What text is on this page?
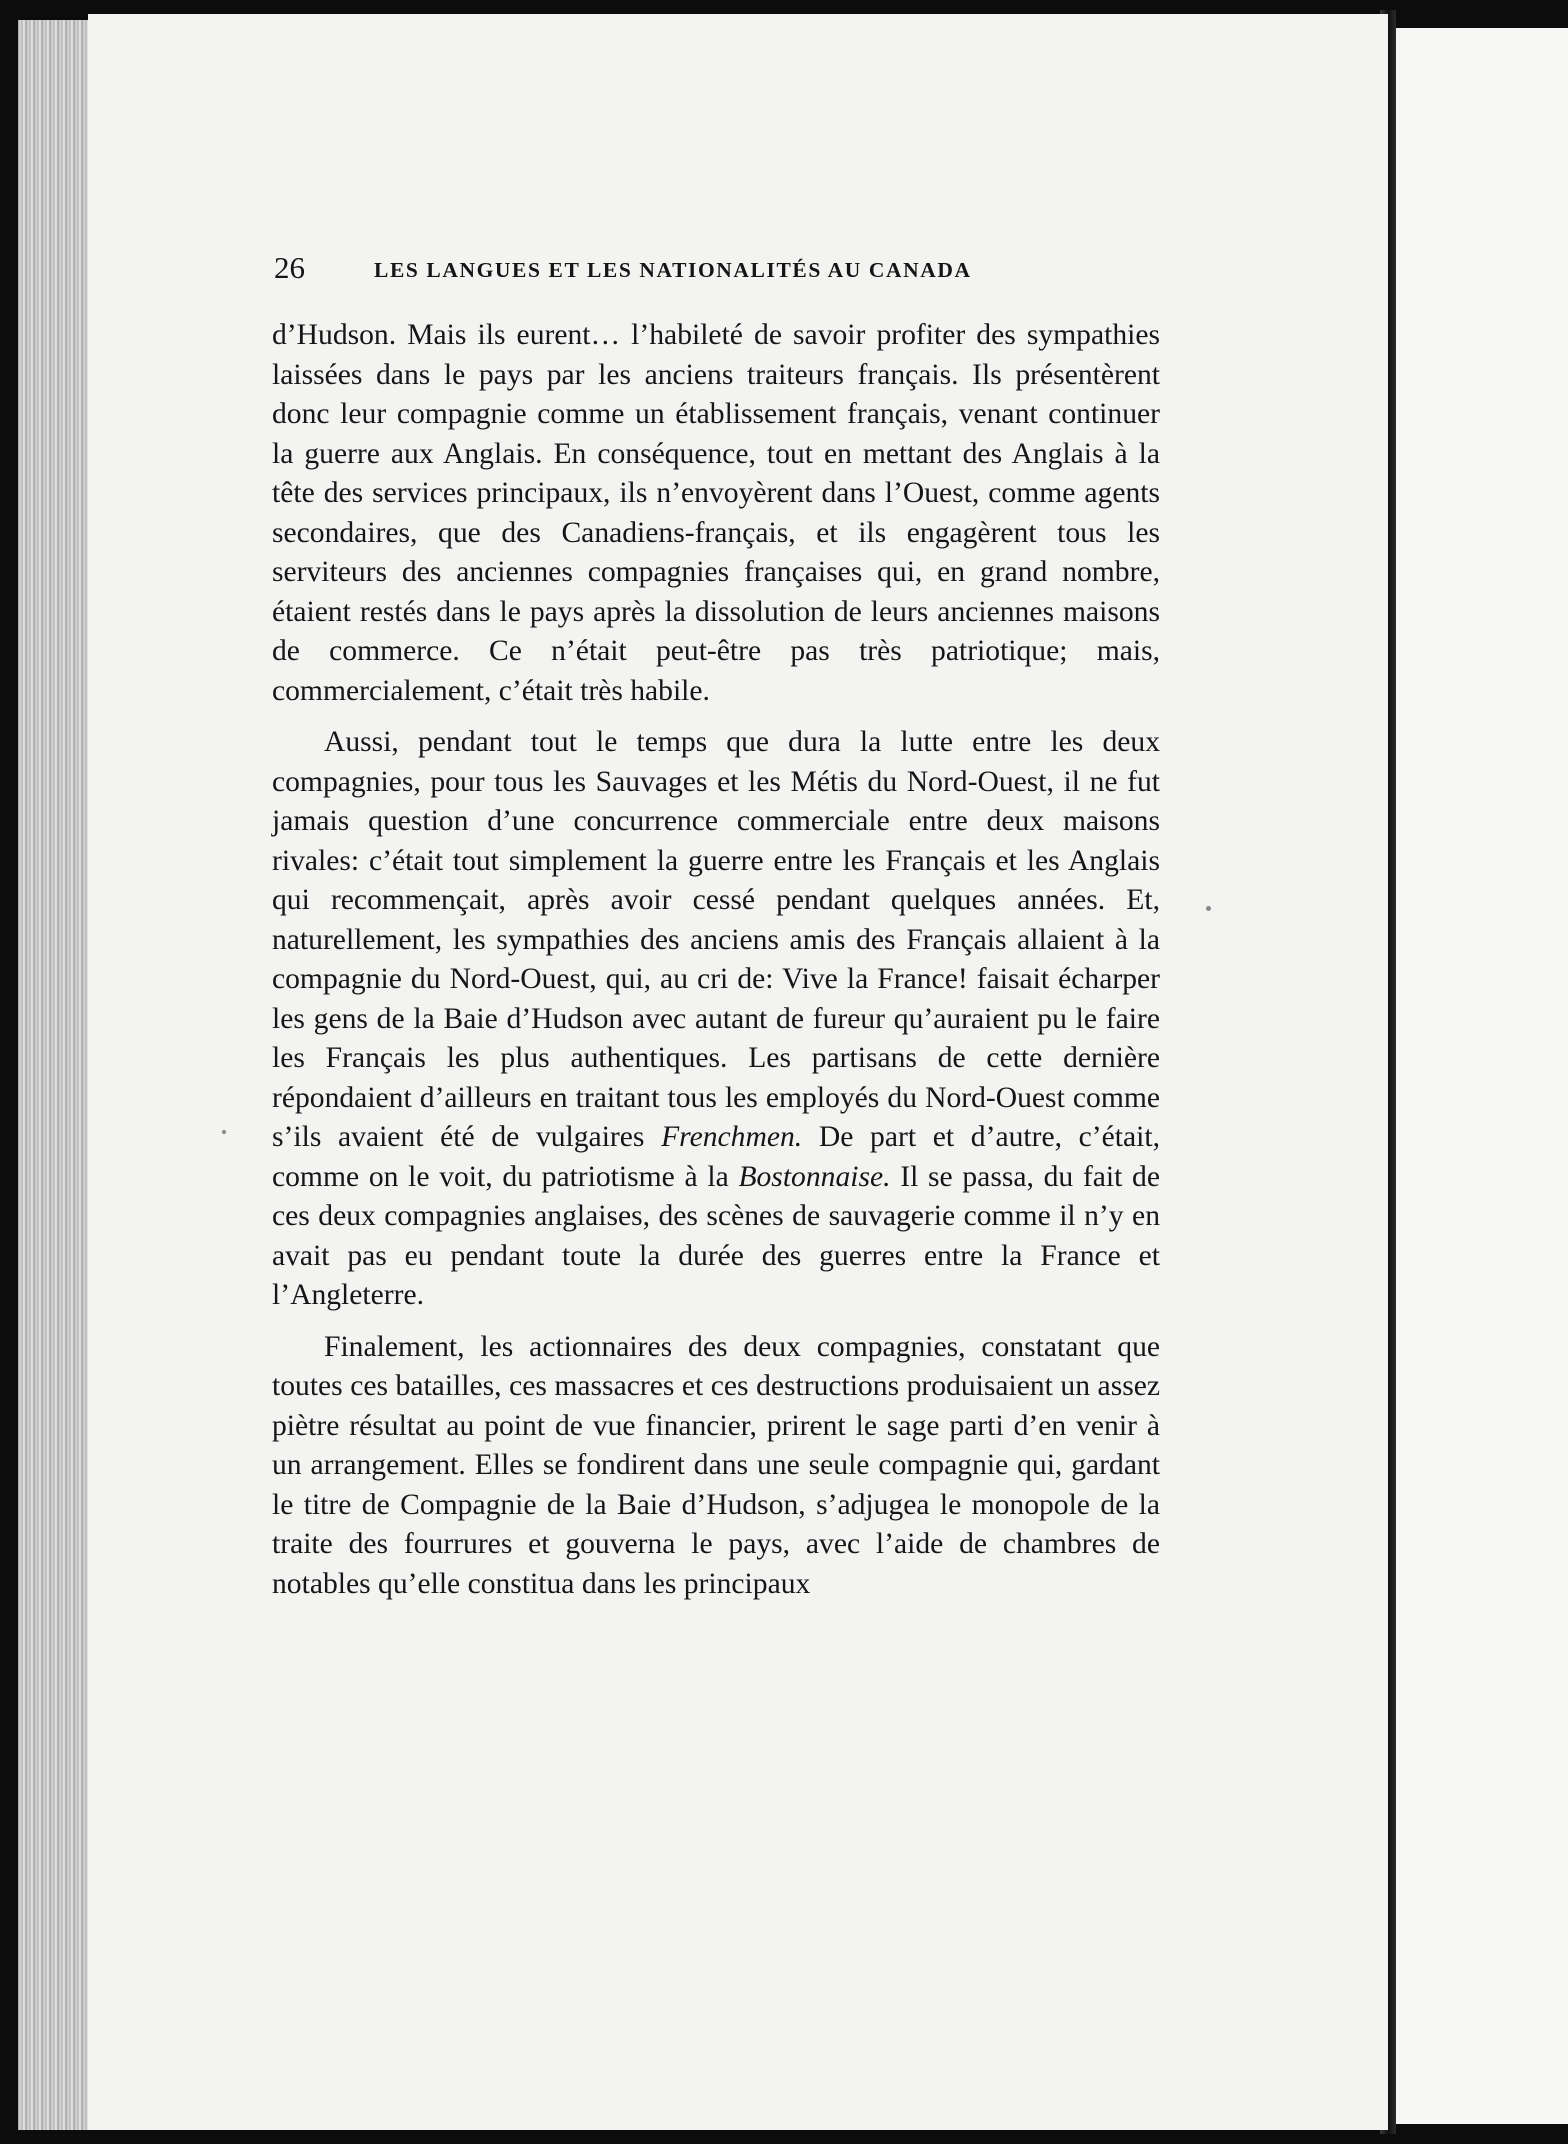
26	LES LANGUES ET LES NATIONALITÉS AU CANADA

d’Hudson. Mais ils eurent… l’habileté de savoir profiter des sympathies laissées dans le pays par les anciens traiteurs français. Ils présentèrent donc leur compagnie comme un établissement français, venant continuer la guerre aux Anglais. En conséquence, tout en mettant des Anglais à la tête des services principaux, ils n’envoyèrent dans l’Ouest, comme agents secondaires, que des Canadiens-français, et ils engagèrent tous les serviteurs des anciennes compagnies françaises qui, en grand nombre, étaient restés dans le pays après la dissolution de leurs anciennes maisons de commerce. Ce n’était peut-être pas très patriotique; mais, commercialement, c’était très habile.

Aussi, pendant tout le temps que dura la lutte entre les deux compagnies, pour tous les Sauvages et les Métis du Nord-Ouest, il ne fut jamais question d’une concurrence commerciale entre deux maisons rivales: c’était tout simplement la guerre entre les Français et les Anglais qui recommençait, après avoir cessé pendant quelques années. Et, naturellement, les sympathies des anciens amis des Français allaient à la compagnie du Nord-Ouest, qui, au cri de: Vive la France! faisait écharper les gens de la Baie d’Hudson avec autant de fureur qu’auraient pu le faire les Français les plus authentiques. Les partisans de cette dernière répondaient d’ailleurs en traitant tous les employés du Nord-Ouest comme s’ils avaient été de vulgaires Frenchmen. De part et d’autre, c’était, comme on le voit, du patriotisme à la Bostonnaise. Il se passa, du fait de ces deux compagnies anglaises, des scènes de sauvagerie comme il n’y en avait pas eu pendant toute la durée des guerres entre la France et l’Angleterre.

Finalement, les actionnaires des deux compagnies, constatant que toutes ces batailles, ces massacres et ces destructions produisaient un assez piètre résultat au point de vue financier, prirent le sage parti d’en venir à un arrangement. Elles se fondirent dans une seule compagnie qui, gardant le titre de Compagnie de la Baie d’Hudson, s’adjugea le monopole de la traite des fourrures et gouverna le pays, avec l’aide de chambres de notables qu’elle constitua dans les principaux
